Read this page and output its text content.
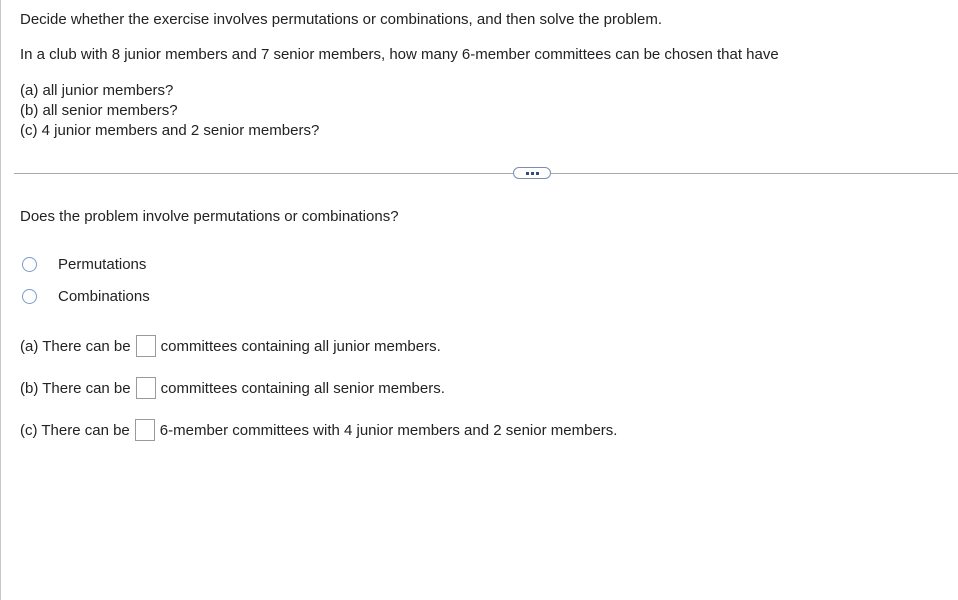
Decide whether the exercise involves permutations or combinations, and then solve the problem.
In a club with 8 junior members and 7 senior members, how many 6-member committees can be chosen that have
(a) all junior members?
(b) all senior members?
(c) 4 junior members and 2 senior members?
Does the problem involve permutations or combinations?
Permutations
Combinations
(a) There can be committees containing all junior members.
(b) There can be committees containing all senior members.
(c) There can be 6-member committees with 4 junior members and 2 senior members.
